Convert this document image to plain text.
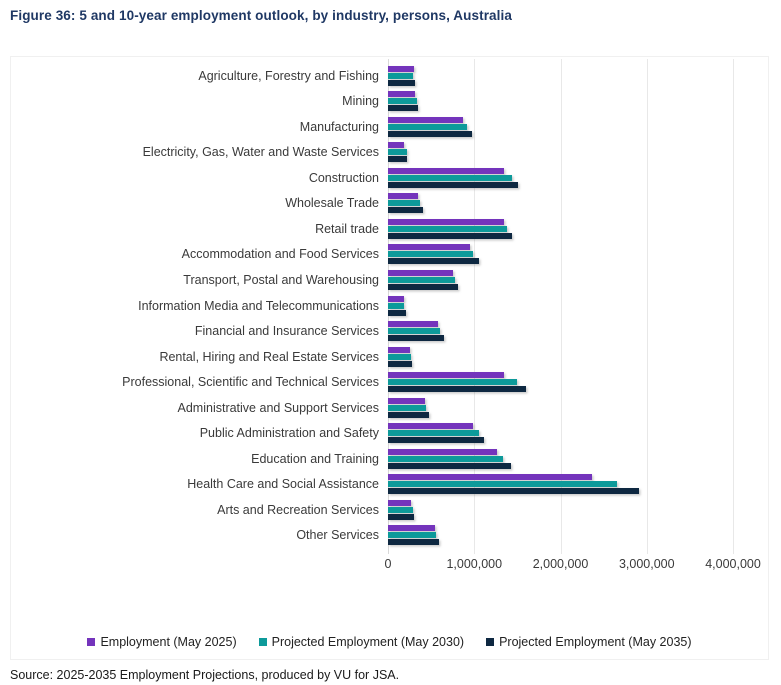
Figure 36: 5 and 10-year employment outlook, by industry, persons, Australia
Agriculture, Forestry and Fishing
Mining
Manufacturing
Electricity, Gas, Water and Waste Services
Construction
Wholesale Trade
Retail trade
Accommodation and Food Services
Transport, Postal and Warehousing
Information Media and Telecommunications
Financial and Insurance Services
Rental, Hiring and Real Estate Services
Professional, Scientific and Technical Services
Administrative and Support Services
Public Administration and Safety
Education and Training
Health Care and Social Assistance
Arts and Recreation Services
Other Services
0	1,000,000 2,000,000 3,000,000 4,000,000
Employment (May 2025)	Projected Employment (May 2030)	Projected Employment (May 2035)
Source: 2025-2035 Employment Projections, produced by VU for JSA.
